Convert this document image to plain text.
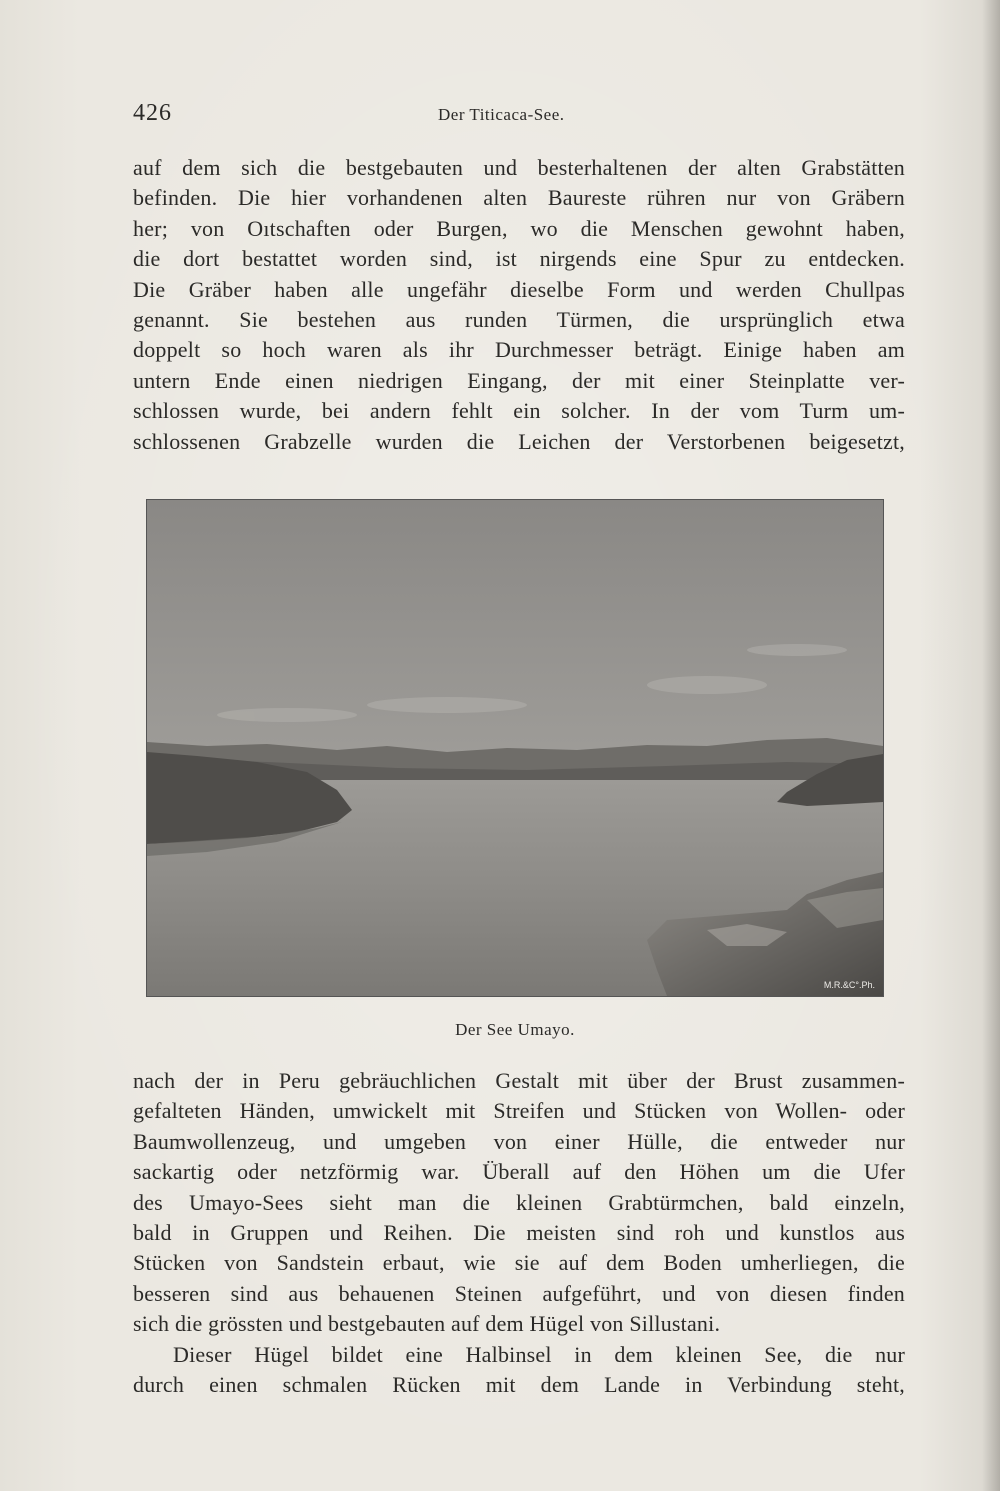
426	Der Titicaca-See.
auf dem sich die bestgebauten und besterhaltenen der alten Grabstätten
befinden. Die hier vorhandenen alten Baureste rühren nur von Gräbern
her; von Oıtschaften oder Burgen, wo die Menschen gewohnt haben,
die dort bestattet worden sind, ist nirgends eine Spur zu entdecken.
Die Gräber haben alle ungefähr dieselbe Form und werden Chullpas
genannt. Sie bestehen aus runden Türmen, die ursprünglich etwa
doppelt so hoch waren als ihr Durchmesser beträgt. Einige haben am
untern Ende einen niedrigen Eingang, der mit einer Steinplatte ver-
schlossen wurde, bei andern fehlt ein solcher. In der vom Turm um-
schlossenen Grabzelle wurden die Leichen der Verstorbenen beigesetzt,
M.R.&C°.Ph.
Der See Umayo.
nach der in Peru gebräuchlichen Gestalt mit über der Brust zusammen-
gefalteten Händen, umwickelt mit Streifen und Stücken von Wollen- oder
Baumwollenzeug, und umgeben von einer Hülle, die entweder nur
sackartig oder netzförmig war. Überall auf den Höhen um die Ufer
des Umayo-Sees sieht man die kleinen Grabtürmchen, bald einzeln,
bald in Gruppen und Reihen. Die meisten sind roh und kunstlos aus
Stücken von Sandstein erbaut, wie sie auf dem Boden umherliegen, die
besseren sind aus behauenen Steinen aufgeführt, und von diesen finden
sich die grössten und bestgebauten auf dem Hügel von Sillustani.
Dieser Hügel bildet eine Halbinsel in dem kleinen See, die nur
durch einen schmalen Rücken mit dem Lande in Verbindung steht,
